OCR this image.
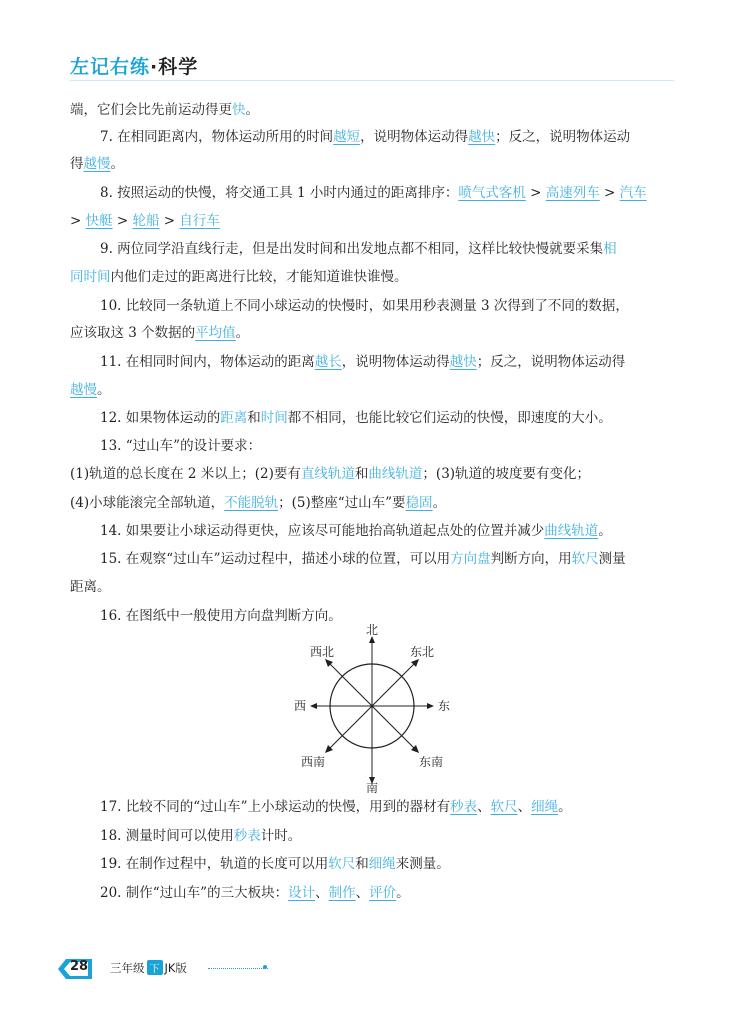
左记右练·科学
端，它们会比先前运动得更快。
7. 在相同距离内，物体运动所用的时间越短，说明物体运动得越快；反之，说明物体运动
得越慢。
8. 按照运动的快慢，将交通工具 1 小时内通过的距离排序：喷气式客机 > 高速列车 > 汽车
> 快艇 > 轮船 > 自行车
9. 两位同学沿直线行走，但是出发时间和出发地点都不相同，这样比较快慢就要采集相
同时间内他们走过的距离进行比较，才能知道谁快谁慢。
10. 比较同一条轨道上不同小球运动的快慢时，如果用秒表测量 3 次得到了不同的数据，
应该取这 3 个数据的平均值。
11. 在相同时间内，物体运动的距离越长，说明物体运动得越快；反之，说明物体运动得
越慢。
12. 如果物体运动的距离和时间都不相同，也能比较它们运动的快慢，即速度的大小。
13. “过山车”的设计要求：
(1)轨道的总长度在 2 米以上；(2)要有直线轨道和曲线轨道；(3)轨道的坡度要有变化；
(4)小球能滚完全部轨道，不能脱轨；(5)整座“过山车”要稳固。
14. 如果要让小球运动得更快，应该尽可能地抬高轨道起点处的位置并减少曲线轨道。
15. 在观察“过山车”运动过程中，描述小球的位置，可以用方向盘判断方向，用软尺测量
距离。
16. 在图纸中一般使用方向盘判断方向。
17. 比较不同的“过山车”上小球运动的快慢，用到的器材有秒表、软尺、细绳。
18. 测量时间可以使用秒表计时。
19. 在制作过程中，轨道的长度可以用软尺和细绳来测量。
20. 制作“过山车”的三大板块：设计、制作、评价。
北
南
东
西
东北
西北
东南
西南
28 三年级 下 JK版
